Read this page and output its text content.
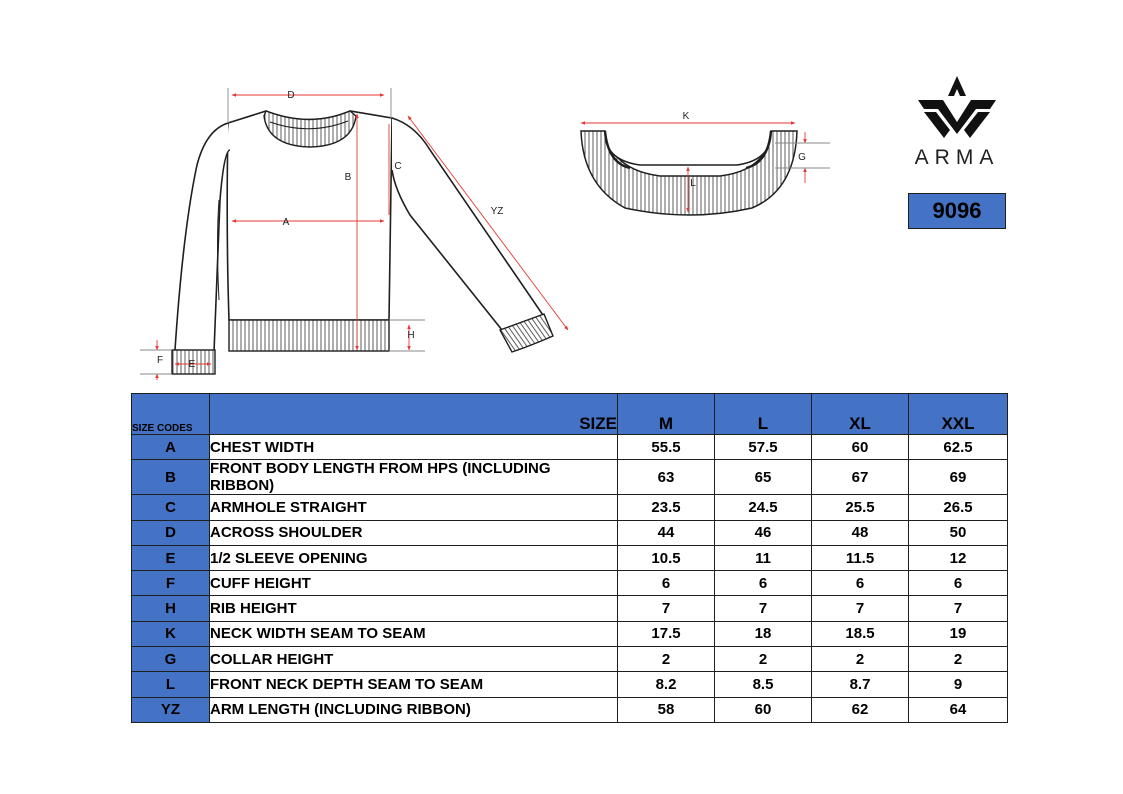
D
B
C
A
YZ
H
F	E
K
G
L
ARMA
9096
SIZE CODES	SIZE	M	L	XL	XXL
A	CHEST WIDTH	55.5	57.5	60	62.5
B	FRONT BODY LENGTH FROM HPS (INCLUDING RIBBON)	63	65	67	69
C	ARMHOLE STRAIGHT	23.5	24.5	25.5	26.5
D	ACROSS SHOULDER	44	46	48	50
E	1/2 SLEEVE OPENING	10.5	11	11.5	12
F	CUFF HEIGHT	6	6	6	6
H	RIB HEIGHT	7	7	7	7
K	NECK WIDTH SEAM TO SEAM	17.5	18	18.5	19
G	COLLAR HEIGHT	2	2	2	2
L	FRONT NECK DEPTH SEAM TO SEAM	8.2	8.5	8.7	9
YZ	ARM LENGTH (INCLUDING RIBBON)	58	60	62	64
